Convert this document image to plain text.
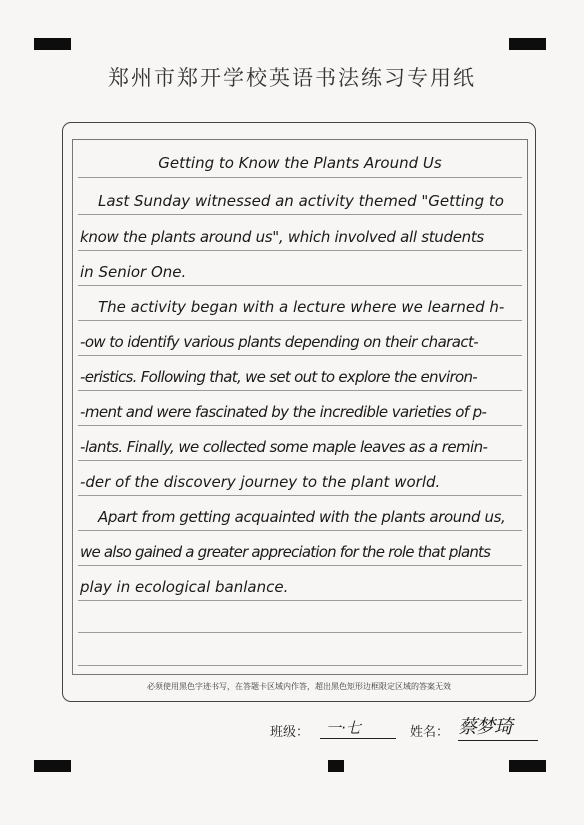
郑州市郑开学校英语书法练习专用纸
Getting to Know the Plants Around Us
Last Sunday witnessed an activity themed "Getting to
know the plants around us", which involved all students
in Senior One.
The activity began with a lecture where we learned h-
-ow to identify various plants depending on their charact-
-eristics. Following that, we set out to explore the environ-
-ment and were fascinated by the incredible varieties of p-
-lants. Finally, we collected some maple leaves as a remin-
-der of the discovery journey to the plant world.
Apart from getting acquainted with the plants around us,
we also gained a greater appreciation for the role that plants
play in ecological banlance.
必须使用黑色字迹书写，在答题卡区域内作答，超出黑色矩形边框限定区域的答案无效
班级：	一·七	姓名： 蔡梦琦
